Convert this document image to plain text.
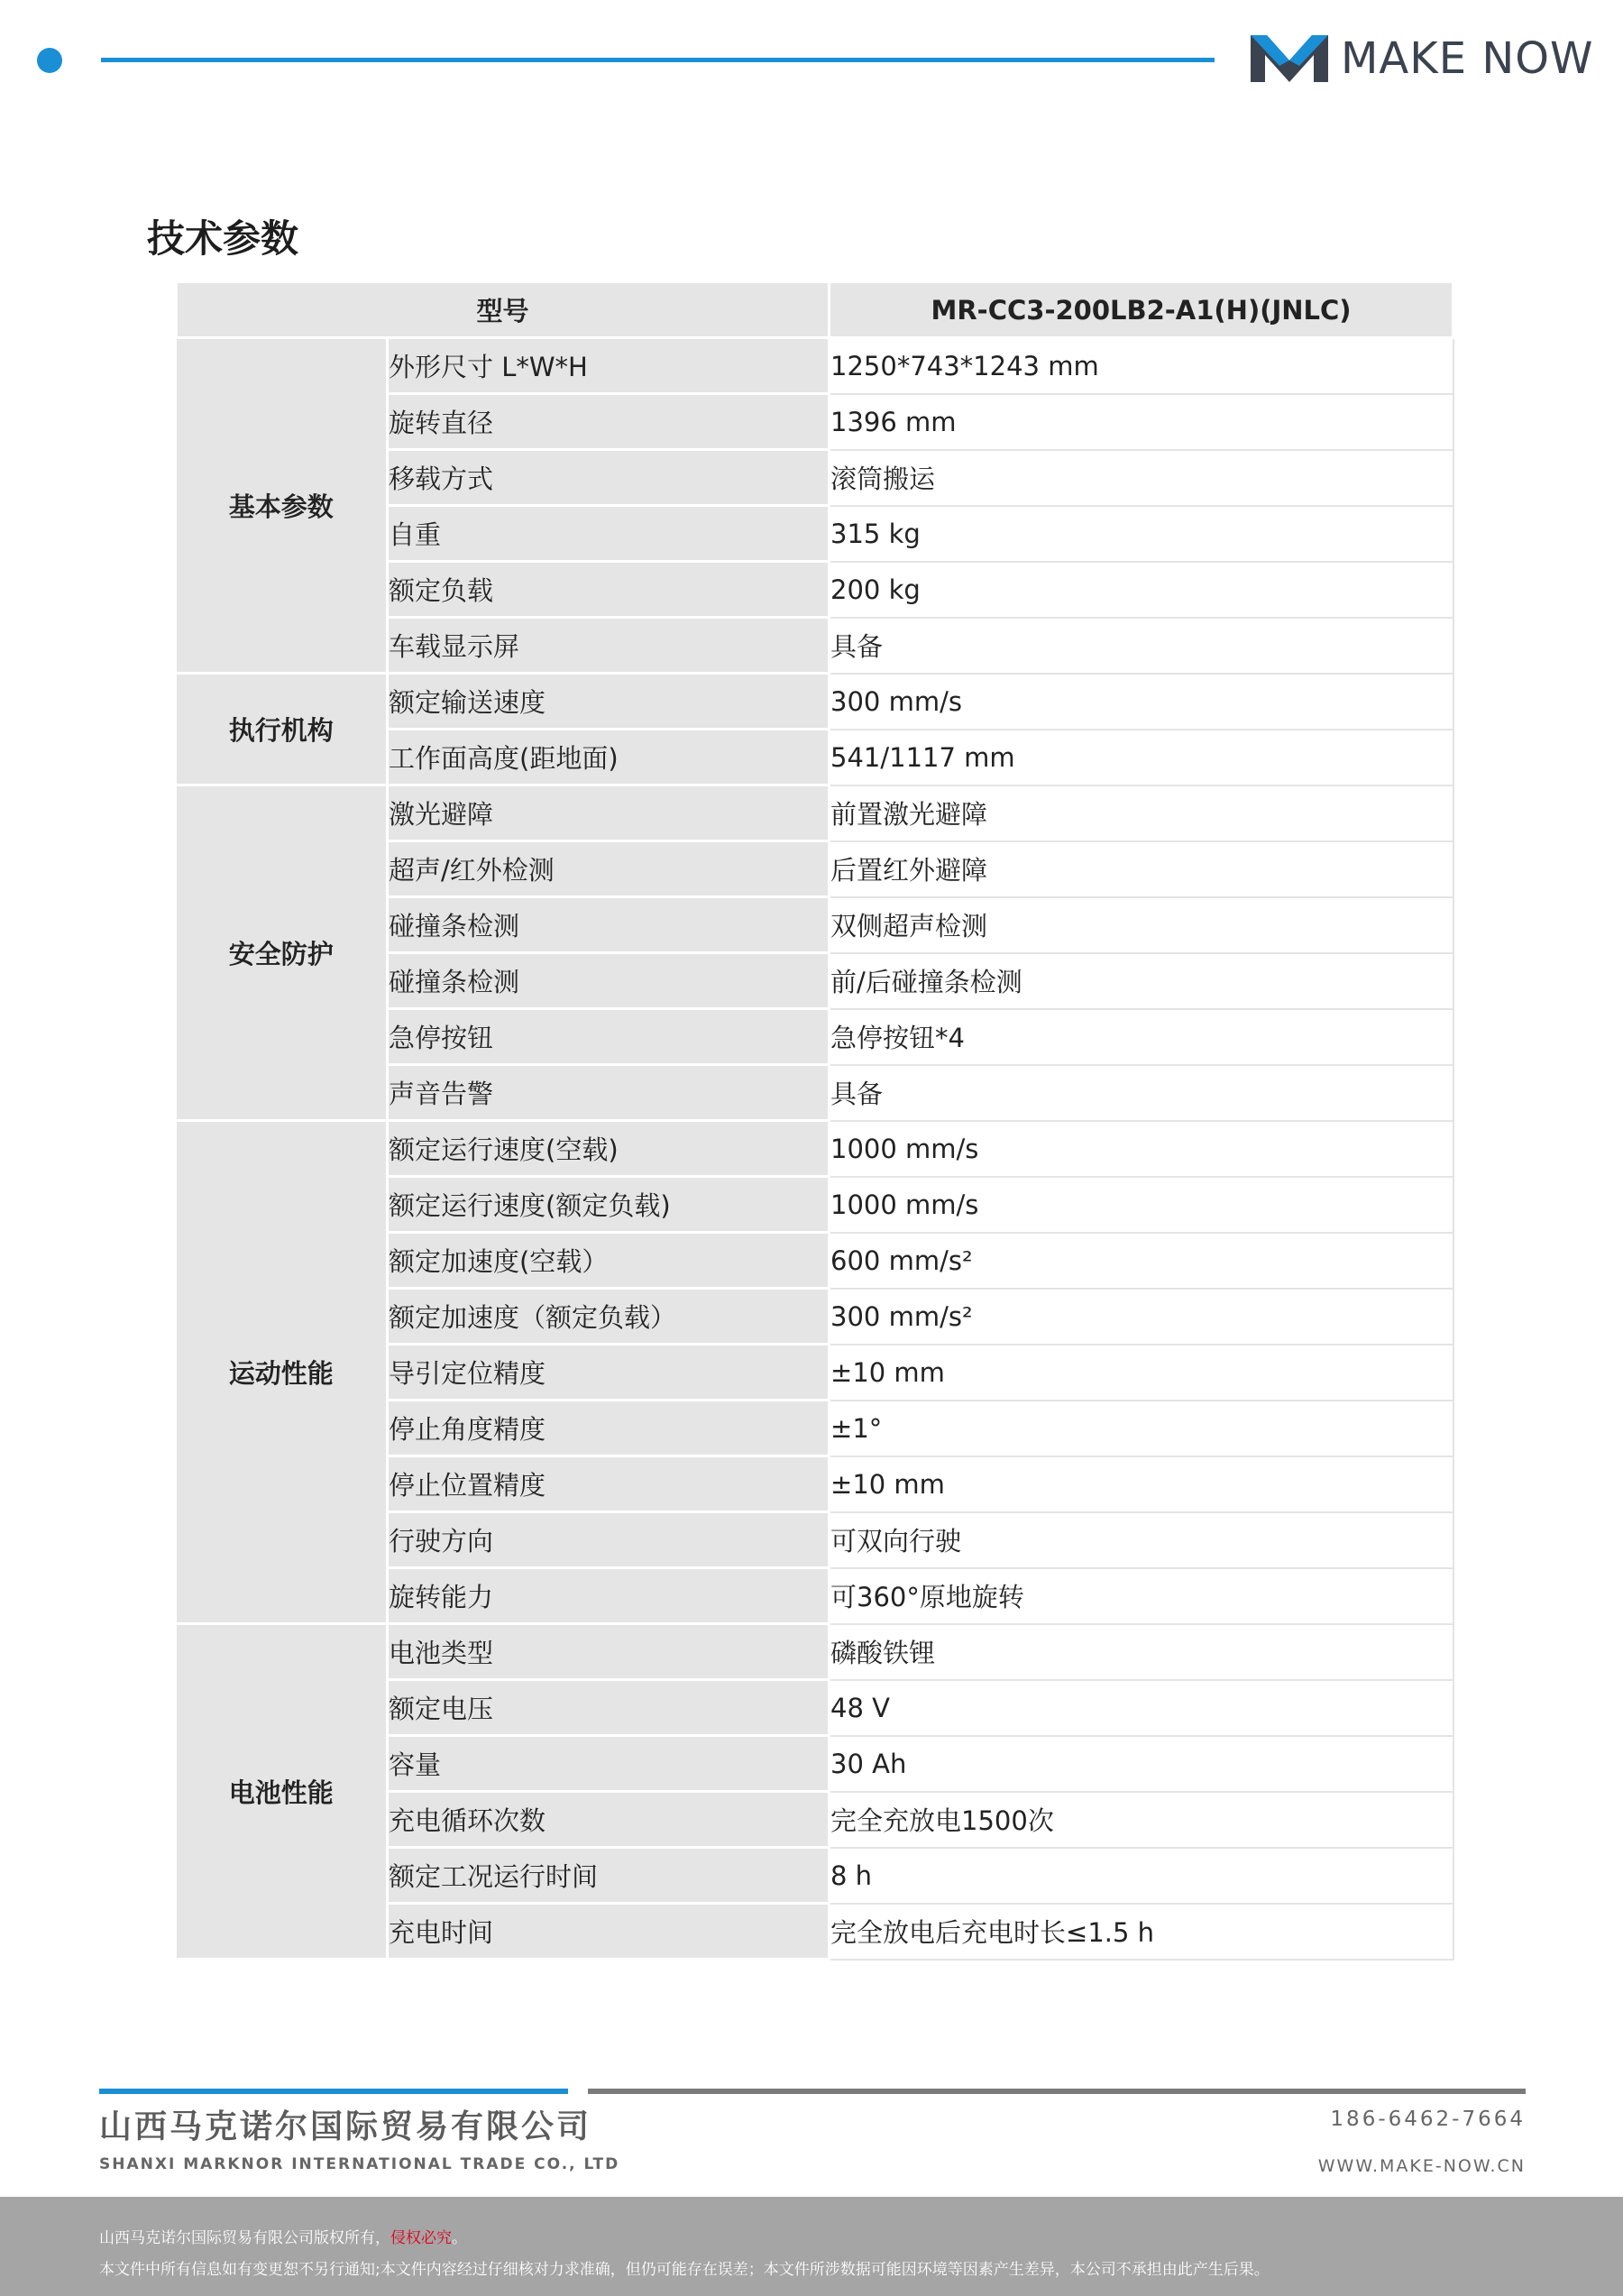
MAKE NOW
技术参数
型号		MR-CC3-200LB2-A1(H)(JNLC)
基本参数	外形尺寸 L*W*H	1250*743*1243 mm
	旋转直径	1396 mm
	移载方式	滚筒搬运
	自重	315 kg
	额定负载	200 kg
	车载显示屏	具备
执行机构	额定输送速度	300 mm/s
	工作面高度(距地面)	541/1117 mm
安全防护	激光避障	前置激光避障
	超声/红外检测	后置红外避障
	碰撞条检测	双侧超声检测
	碰撞条检测	前/后碰撞条检测
	急停按钮	急停按钮*4
	声音告警	具备
运动性能	额定运行速度(空载)	1000 mm/s
	额定运行速度(额定负载)	1000 mm/s
	额定加速度(空载）	600 mm/s²
	额定加速度（额定负载）	300 mm/s²
	导引定位精度	±10 mm
	停止角度精度	±1°
	停止位置精度	±10 mm
	行驶方向	可双向行驶
	旋转能力	可360°原地旋转
电池性能	电池类型	磷酸铁锂
	额定电压	48 V
	容量	30 Ah
	充电循环次数	完全充放电1500次
	额定工况运行时间	8 h
	充电时间	完全放电后充电时长≤1.5 h
山西马克诺尔国际贸易有限公司
SHANXI MARKNOR INTERNATIONAL TRADE CO., LTD
186-6462-7664
WWW.MAKE-NOW.CN
山西马克诺尔国际贸易有限公司版权所有，侵权必究。
本文件中所有信息如有变更恕不另行通知;本文件内容经过仔细核对力求准确，但仍可能存在误差；本文件所涉数据可能因环境等因素产生差异，本公司不承担由此产生后果。
